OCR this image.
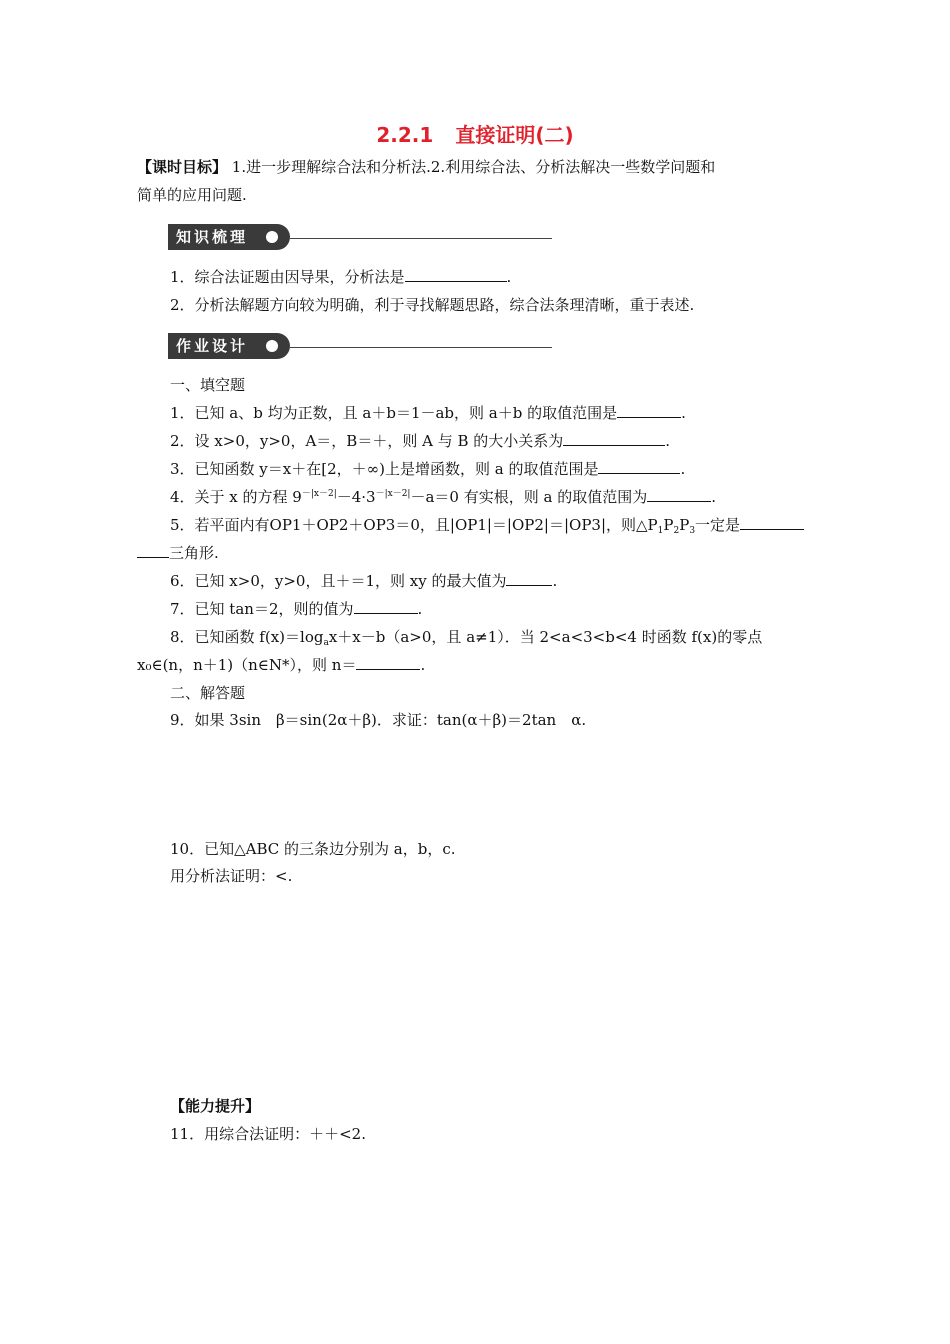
2.2.1 直接证明(二)
【课时目标】 1.进一步理解综合法和分析法.2.利用综合法、分析法解决一些数学问题和
简单的应用问题.
知识梳理
1．综合法证题由因导果，分析法是	.
2．分析法解题方向较为明确，利于寻找解题思路，综合法条理清晰，重于表述.
作业设计
一、填空题
1．已知 a、b 均为正数，且 a＋b＝1－ab，则 a＋b 的取值范围是	.
2．设 x>0，y>0，A＝，B＝＋，则 A 与 B 的大小关系为	.
3．已知函数 y＝x＋在[2，＋∞)上是增函数，则 a 的取值范围是	.
4．关于 x 的方程 $9^{-|x-2|}-4\cdot 3^{-|x-2|}-a=0$ 有实根，则 a 的取值范围为	.
5．若平面内有OP1＋OP2＋OP3＝0，且|OP1|＝|OP2|＝|OP3|，则$\triangle P_1P_2P_3$一定是
三角形.
6．已知 x>0，y>0，且＋＝1，则 xy 的最大值为	.
7．已知 tan＝2，则的值为	.
8．已知函数 $f(x)=\log_ax+x-b(a>0$，且 a≠1）．当 2<a<3<b<4 时函数 f(x)的零点
x₀∈(n，n＋1)（n∈N*），则 n＝	.
二、解答题
9．如果 3sin　β＝sin(2α＋β)．求证：tan(α＋β)＝2tan　α.
10．已知△ABC 的三条边分别为 a，b，c.
用分析法证明：<.
【能力提升】
11．用综合法证明：＋＋<2.
